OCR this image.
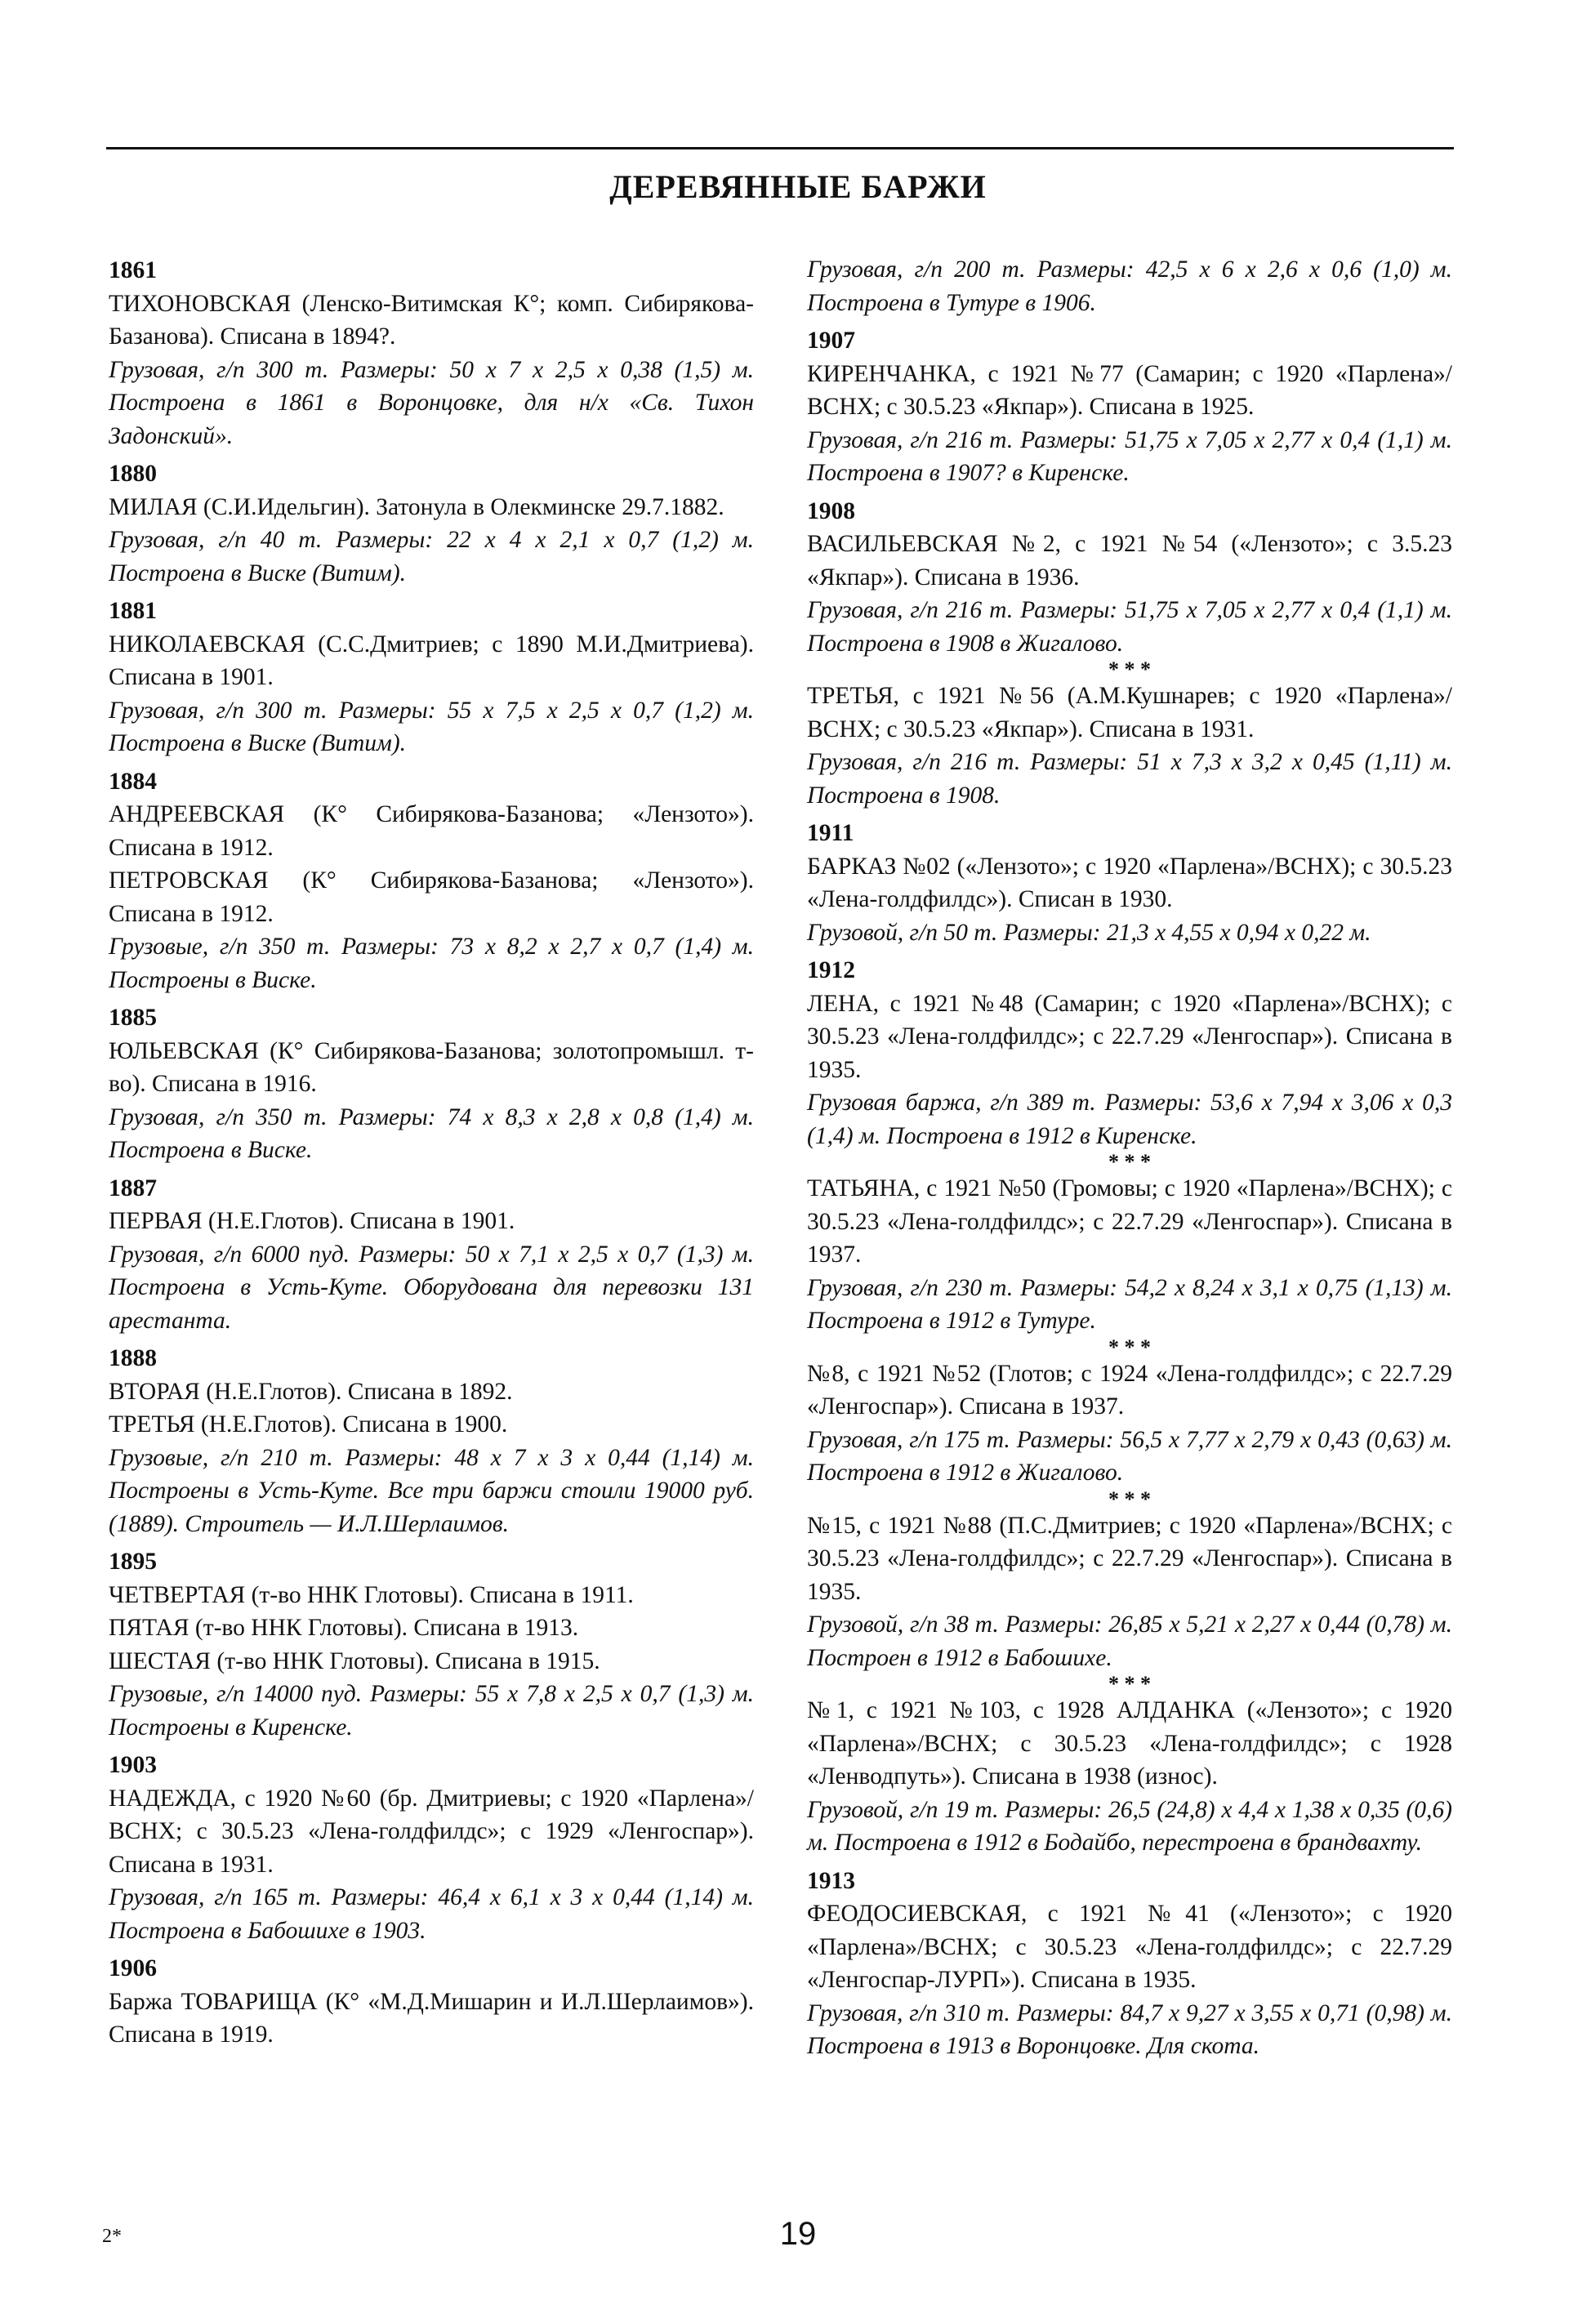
ДЕРЕВЯННЫЕ БАРЖИ
1861
ТИХОНОВСКАЯ (Ленско-Витимская К°; комп. Сибирякова-Базанова). Списана в 1894?.
Грузовая, г/п 300 т. Размеры: 50 х 7 х 2,5 х 0,38 (1,5) м. Построена в 1861 в Воронцовке, для н/х «Св. Тихон Задонский».
1880
МИЛАЯ (С.И.Идельгин). Затонула в Олекминске 29.7.1882.
Грузовая, г/п 40 т. Размеры: 22 х 4 х 2,1 х 0,7 (1,2) м. Построена в Виске (Витим).
1881
НИКОЛАЕВСКАЯ (С.С.Дмитриев; с 1890 М.И.Дмитриева). Списана в 1901.
Грузовая, г/п 300 т. Размеры: 55 х 7,5 х 2,5 х 0,7 (1,2) м. Построена в Виске (Витим).
1884
АНДРЕЕВСКАЯ (К° Сибирякова-Базанова; «Лензото»). Списана в 1912.
ПЕТРОВСКАЯ (К° Сибирякова-Базанова; «Лензото»). Списана в 1912.
Грузовые, г/п 350 т. Размеры: 73 х 8,2 х 2,7 х 0,7 (1,4) м. Построены в Виске.
1885
ЮЛЬЕВСКАЯ (К° Сибирякова-Базанова; золотопромышл. т-во). Списана в 1916.
Грузовая, г/п 350 т. Размеры: 74 х 8,3 х 2,8 х 0,8 (1,4) м. Построена в Виске.
1887
ПЕРВАЯ (Н.Е.Глотов). Списана в 1901.
Грузовая, г/п 6000 пуд. Размеры: 50 х 7,1 х 2,5 х 0,7 (1,3) м. Построена в Усть-Куте. Оборудована для перевозки 131 арестанта.
1888
ВТОРАЯ (Н.Е.Глотов). Списана в 1892.
ТРЕТЬЯ (Н.Е.Глотов). Списана в 1900.
Грузовые, г/п 210 т. Размеры: 48 х 7 х 3 х 0,44 (1,14) м. Построены в Усть-Куте. Все три баржи стоили 19000 руб. (1889). Строитель — И.Л.Шерлаимов.
1895
ЧЕТВЕРТАЯ (т-во ННК Глотовы). Списана в 1911.
ПЯТАЯ (т-во ННК Глотовы). Списана в 1913.
ШЕСТАЯ (т-во ННК Глотовы). Списана в 1915.
Грузовые, г/п 14000 пуд. Размеры: 55 х 7,8 х 2,5 х 0,7 (1,3) м. Построены в Киренске.
1903
НАДЕЖДА, с 1920 №60 (бр. Дмитриевы; с 1920 «Парлена»/ВСНХ; с 30.5.23 «Лена-голдфилдс»; с 1929 «Ленгоспар»). Списана в 1931.
Грузовая, г/п 165 т. Размеры: 46,4 х 6,1 х 3 х 0,44 (1,14) м. Построена в Бабошихе в 1903.
1906
Баржа ТОВАРИЩА (К° «М.Д.Мишарин и И.Л.Шерлаимов»). Списана в 1919.
Грузовая, г/п 200 т. Размеры: 42,5 х 6 х 2,6 х 0,6 (1,0) м. Построена в Тутуре в 1906.
1907
КИРЕНЧАНКА, с 1921 №77 (Самарин; с 1920 «Парлена»/ВСНХ; с 30.5.23 «Якпар»). Списана в 1925.
Грузовая, г/п 216 т. Размеры: 51,75 х 7,05 х 2,77 х 0,4 (1,1) м. Построена в 1907? в Киренске.
1908
ВАСИЛЬЕВСКАЯ №2, с 1921 №54 («Лензото»; с 3.5.23 «Якпар»). Списана в 1936.
Грузовая, г/п 216 т. Размеры: 51,75 х 7,05 х 2,77 х 0,4 (1,1) м. Построена в 1908 в Жигалово.
* * *
ТРЕТЬЯ, с 1921 №56 (А.М.Кушнарев; с 1920 «Парлена»/ВСНХ; с 30.5.23 «Якпар»). Списана в 1931.
Грузовая, г/п 216 т. Размеры: 51 х 7,3 х 3,2 х 0,45 (1,11) м. Построена в 1908.
1911
БАРКАЗ №02 («Лензото»; с 1920 «Парлена»/ВСНХ); с 30.5.23 «Лена-голдфилдс»). Списан в 1930.
Грузовой, г/п 50 т. Размеры: 21,3 х 4,55 х 0,94 х 0,22 м.
1912
ЛЕНА, с 1921 №48 (Самарин; с 1920 «Парлена»/ВСНХ); с 30.5.23 «Лена-голдфилдс»; с 22.7.29 «Ленгоспар»). Списана в 1935.
Грузовая баржа, г/п 389 т. Размеры: 53,6 х 7,94 х 3,06 х 0,3 (1,4) м. Построена в 1912 в Киренске.
* * *
ТАТЬЯНА, с 1921 №50 (Громовы; с 1920 «Парлена»/ВСНХ); с 30.5.23 «Лена-голдфилдс»; с 22.7.29 «Ленгоспар»). Списана в 1937.
Грузовая, г/п 230 т. Размеры: 54,2 х 8,24 х 3,1 х 0,75 (1,13) м. Построена в 1912 в Тутуре.
* * *
№8, с 1921 №52 (Глотов; с 1924 «Лена-голдфилдс»; с 22.7.29 «Ленгоспар»). Списана в 1937.
Грузовая, г/п 175 т. Размеры: 56,5 х 7,77 х 2,79 х 0,43 (0,63) м. Построена в 1912 в Жигалово.
* * *
№15, с 1921 №88 (П.С.Дмитриев; с 1920 «Парлена»/ВСНХ; с 30.5.23 «Лена-голдфилдс»; с 22.7.29 «Ленгоспар»). Списана в 1935.
Грузовой, г/п 38 т. Размеры: 26,85 х 5,21 х 2,27 х 0,44 (0,78) м. Построен в 1912 в Бабошихе.
* * *
№1, с 1921 №103, с 1928 АЛДАНКА («Лензото»; с 1920 «Парлена»/ВСНХ; с 30.5.23 «Лена-голдфилдс»; с 1928 «Ленводпуть»). Списана в 1938 (износ).
Грузовой, г/п 19 т. Размеры: 26,5 (24,8) х 4,4 х 1,38 х 0,35 (0,6) м. Построена в 1912 в Бодайбо, перестроена в брандвахту.
1913
ФЕОДОСИЕВСКАЯ, с 1921 №41 («Лензото»; с 1920 «Парлена»/ВСНХ; с 30.5.23 «Лена-голдфилдс»; с 22.7.29 «Ленгоспар-ЛУРП»). Списана в 1935.
Грузовая, г/п 310 т. Размеры: 84,7 х 9,27 х 3,55 х 0,71 (0,98) м. Построена в 1913 в Воронцовке. Для скота.
19
2*
